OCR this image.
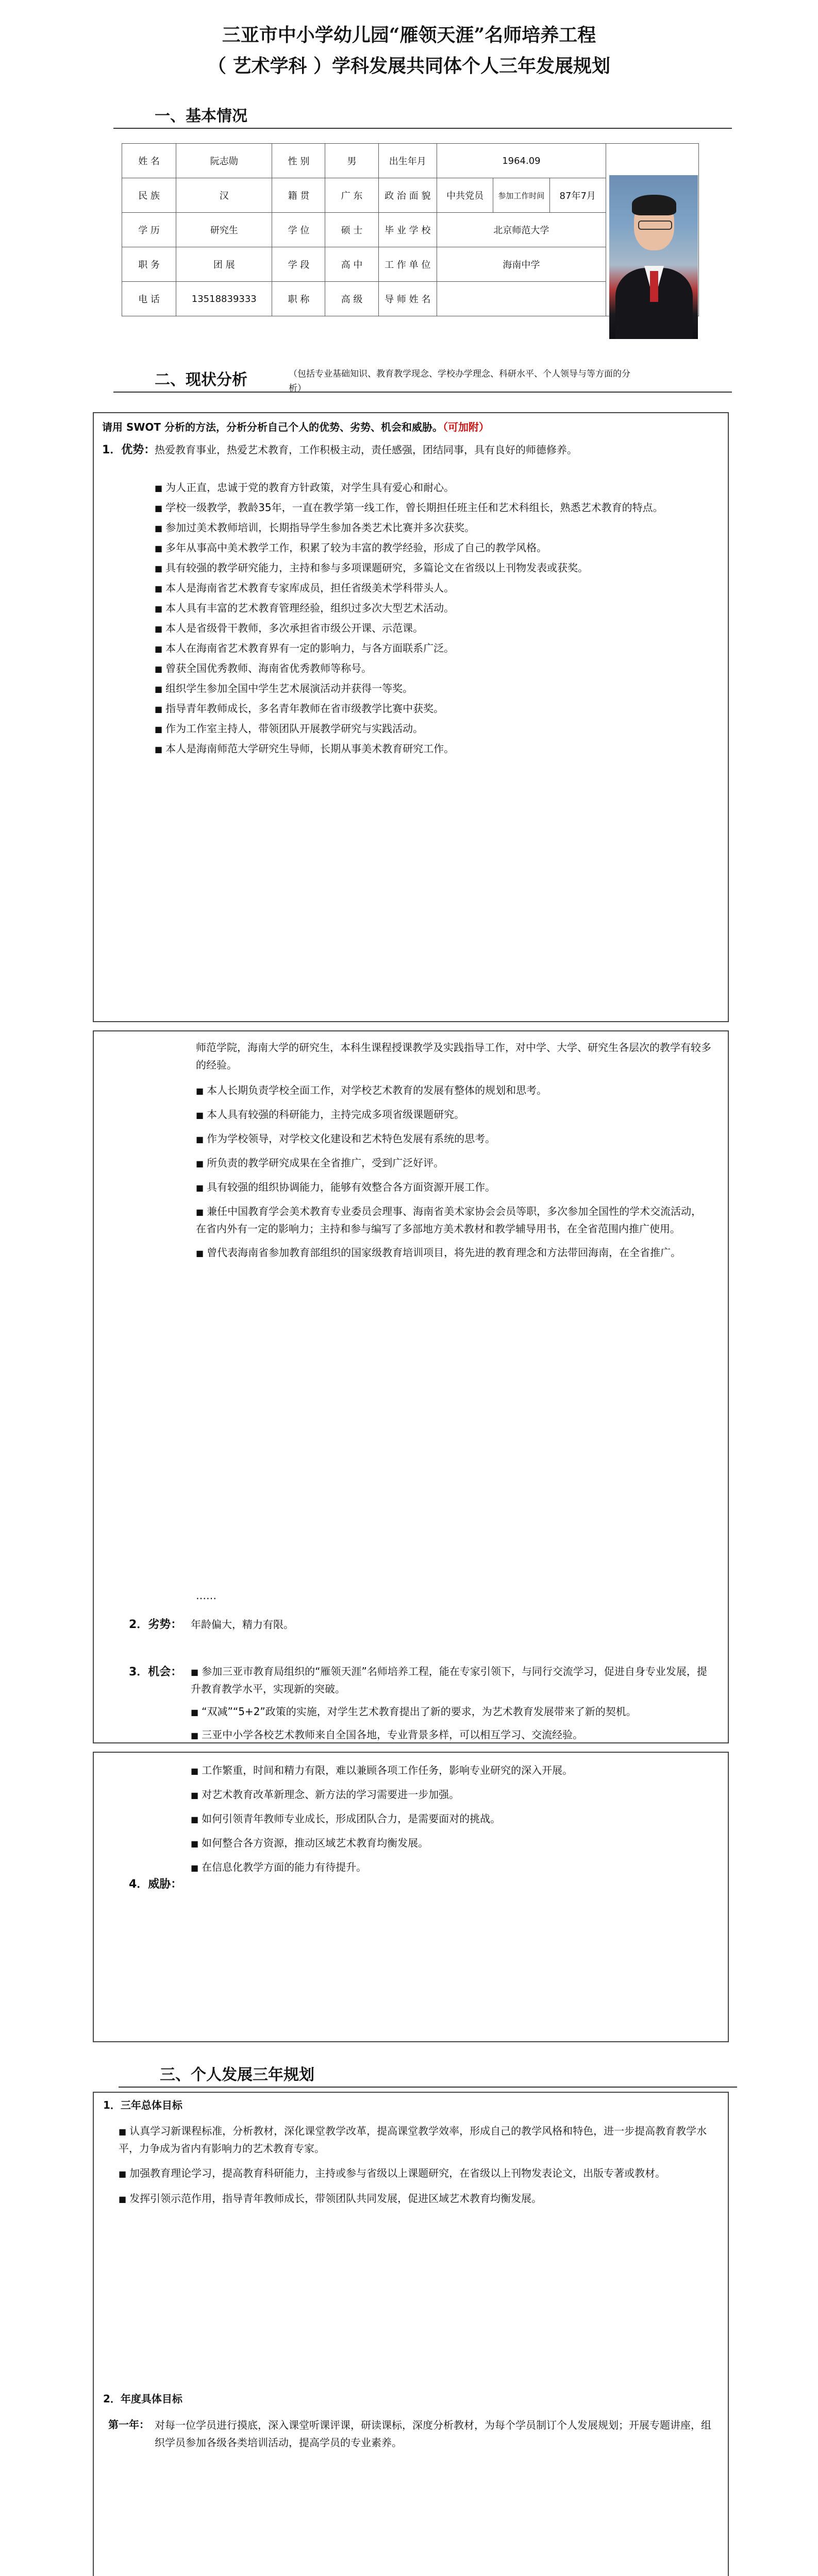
三亚市中小学幼儿园“雁领天涯”名师培养工程
（ 艺术学科 ）学科发展共同体个人三年发展规划
一、基本情况
姓 名	阮志勋	性 别	男	出生年月	1964.09			
民 族	汉	籍 贯	广 东	政 治 面 貌	中共党员	参加工作时间	87年7月	
学 历	研究生	学 位	硕 士	毕 业 学 校	北京师范大学			
职 务	团 展	学 段	高 中	工 作 单 位	海南中学			
电 话	13518839333	职 称	高 级	导 师 姓 名				
二、现状分析	（包括专业基础知识、教育教学现念、学校办学理念、科研水平、个人领导与等方面的分析）
请用 SWOT 分析的方法，分析分析自己个人的优势、劣势、机会和威胁。（可加附）
1．优势：
热爱教育事业，热爱艺术教育，工作积极主动，责任感强，团结同事，具有良好的师德修养。
■ 为人正直，忠诚于党的教育方针政策，对学生具有爱心和耐心。
■ 学校一级教学，教龄35年，一直在教学第一线工作，曾长期担任班主任和艺术科组长，熟悉艺术教育的特点。
■ 参加过美术教师培训，长期指导学生参加各类艺术比赛并多次获奖。
■ 多年从事高中美术教学工作，积累了较为丰富的教学经验，形成了自己的教学风格。
■ 具有较强的教学研究能力，主持和参与多项课题研究，多篇论文在省级以上刊物发表或获奖。
■ 本人是海南省艺术教育专家库成员，担任省级美术学科带头人。
■ 本人具有丰富的艺术教育管理经验，组织过多次大型艺术活动。
■ 本人是省级骨干教师，多次承担省市级公开课、示范课。
■ 本人在海南省艺术教育界有一定的影响力，与各方面联系广泛。
■ 曾获全国优秀教师、海南省优秀教师等称号。
■ 组织学生参加全国中学生艺术展演活动并获得一等奖。
■ 指导青年教师成长，多名青年教师在省市级教学比赛中获奖。
■ 作为工作室主持人，带领团队开展教学研究与实践活动。
■ 本人是海南师范大学研究生导师，长期从事美术教育研究工作。
师范学院，海南大学的研究生，本科生课程授课教学及实践指导工作，对中学、大学、研究生各层次的教学有较多的经验。
■ 本人长期负责学校全面工作，对学校艺术教育的发展有整体的规划和思考。
■ 本人具有较强的科研能力，主持完成多项省级课题研究。
■ 作为学校领导，对学校文化建设和艺术特色发展有系统的思考。
■ 所负责的教学研究成果在全省推广，受到广泛好评。
■ 具有较强的组织协调能力，能够有效整合各方面资源开展工作。
■ 兼任中国教育学会美术教育专业委员会理事、海南省美术家协会会员等职，多次参加全国性的学术交流活动，在省内外有一定的影响力；主持和参与编写了多部地方美术教材和教学辅导用书，在全省范围内推广使用。
■ 曾代表海南省参加教育部组织的国家级教育培训项目，将先进的教育理念和方法带回海南，在全省推广。
……
2．劣势： 年龄偏大，精力有限。
3．机会：	■ 参加三亚市教育局组织的“雁领天涯”名师培养工程，能在专家引领下，与同行交流学习，促进自身专业发展，提升教育教学水平，实现新的突破。
■ “双减”“5+2”政策的实施，对学生艺术教育提出了新的要求，为艺术教育发展带来了新的契机。
■ 三亚中小学各校艺术教师来自全国各地，专业背景多样，可以相互学习、交流经验。
4．威胁：
■ 工作繁重，时间和精力有限，难以兼顾各项工作任务，影响专业研究的深入开展。
■ 对艺术教育改革新理念、新方法的学习需要进一步加强。
■ 如何引领青年教师专业成长，形成团队合力，是需要面对的挑战。
■ 如何整合各方资源，推动区域艺术教育均衡发展。
■ 在信息化教学方面的能力有待提升。
三、个人发展三年规划
1．三年总体目标
■ 认真学习新课程标准，分析教材，深化课堂教学改革，提高课堂教学效率，形成自己的教学风格和特色，进一步提高教育教学水平，力争成为省内有影响力的艺术教育专家。
■ 加强教育理论学习，提高教育科研能力，主持或参与省级以上课题研究，在省级以上刊物发表论文，出版专著或教材。
■ 发挥引领示范作用，指导青年教师成长，带领团队共同发展，促进区域艺术教育均衡发展。
2．年度具体目标
第一年： 对每一位学员进行摸底，深入课堂听课评课，研读课标，深度分析教材，为每个学员制订个人发展规划；开展专题讲座，组织学员参加各级各类培训活动，提高学员的专业素养。
